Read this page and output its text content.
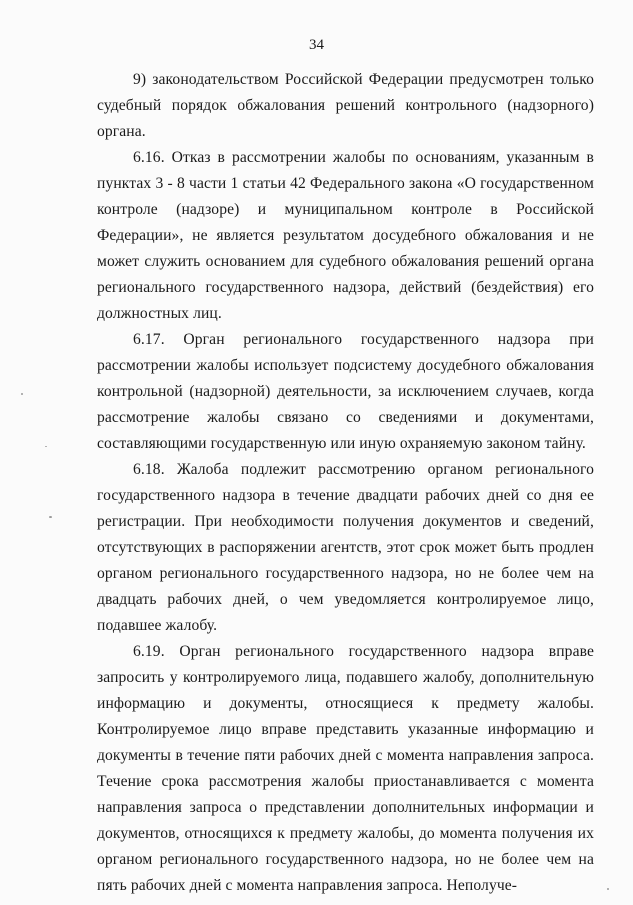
34

9) законодательством Российской Федерации предусмотрен только судебный порядок обжалования решений контрольного (надзорного) органа.

6.16. Отказ в рассмотрении жалобы по основаниям, указанным в пунктах 3 - 8 части 1 статьи 42 Федерального закона «О государственном контроле (надзоре) и муниципальном контроле в Российской Федерации», не является результатом досудебного обжалования и не может служить основанием для судебного обжалования решений органа регионального государственного надзора, действий (бездействия) его должностных лиц.

6.17. Орган регионального государственного надзора при рассмотрении жалобы использует подсистему досудебного обжалования контрольной (надзорной) деятельности, за исключением случаев, когда рассмотрение жалобы связано со сведениями и документами, составляющими государственную или иную охраняемую законом тайну.

6.18. Жалоба подлежит рассмотрению органом регионального государственного надзора в течение двадцати рабочих дней со дня ее регистрации. При необходимости получения документов и сведений, отсутствующих в распоряжении агентств, этот срок может быть продлен органом регионального государственного надзора, но не более чем на двадцать рабочих дней, о чем уведомляется контролируемое лицо, подавшее жалобу.

6.19. Орган регионального государственного надзора вправе запросить у контролируемого лица, подавшего жалобу, дополнительную информацию и документы, относящиеся к предмету жалобы. Контролируемое лицо вправе представить указанные информацию и документы в течение пяти рабочих дней с момента направления запроса. Течение срока рассмотрения жалобы приостанавливается с момента направления запроса о представлении дополнительных информации и документов, относящихся к предмету жалобы, до момента получения их органом регионального государственного надзора, но не более чем на пять рабочих дней с момента направления запроса. Неполуче-
